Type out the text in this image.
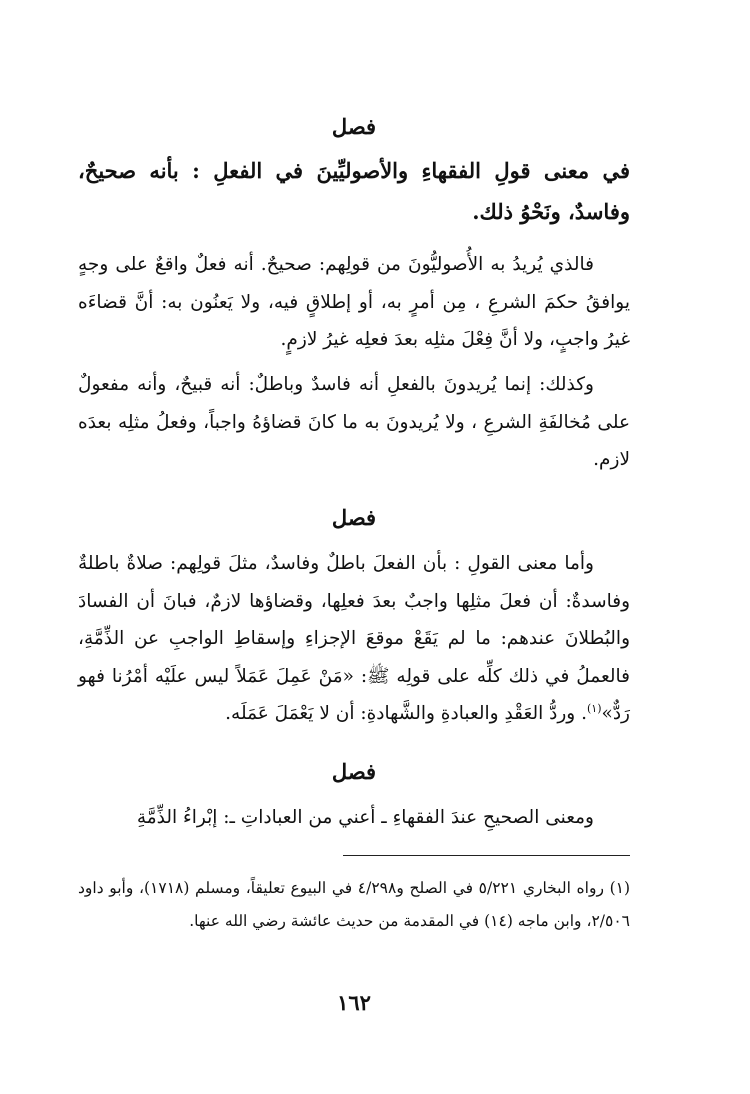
فصل
في معنى قولِ الفقهاءِ والأصوليِّينَ في الفعلِ : بأنه صحيحٌ، وفاسدٌ، ونَحْوُ ذلك.

فالذي يُريدُ به الأُصوليُّونَ من قولِهم: صحيحٌ. أنه فعلٌ واقعٌ على وجهٍ يوافقُ حكمَ الشرعِ ، مِن أمرٍ به، أو إطلاقٍ فيه، ولا يَعنُون به: أنَّ قضاءَه غيرُ واجبٍ، ولا أنَّ فِعْلَ مثلِه بعدَ فعلِه غيرُ لازمٍ.

وكذلك: إنما يُريدونَ بالفعلِ أنه فاسدٌ وباطلٌ: أنه قبيحٌ، وأنه مفعولٌ على مُخالفَةِ الشرعِ ، ولا يُريدونَ به ما كانَ قضاؤهُ واجباً، وفعلُ مثلِه بعدَه لازم.

فصل

وأما معنى القولِ : بأن الفعلَ باطلٌ وفاسدٌ، مثلَ قولِهم: صلاةٌ باطلةٌ وفاسدةٌ: أن فعلَ مثلِها واجبٌ بعدَ فعلِها، وقضاؤها لازمٌ، فبانَ أن الفسادَ والبُطلانَ عندهم: ما لم يَقَعْ موقعَ الإجزاءِ وإسقاطِ الواجبِ عن الذِّمَّةِ، فالعملُ في ذلك كلِّه على قولِه ﷺ: «مَنْ عَمِلَ عَمَلاً ليس علَيْه أمْرُنا فهو رَدٌّ»$^{(١)}$. وردُّ العَقْدِ والعبادةِ والشَّهادةِ: أن لا يَعْمَلَ عَمَلَه.

فصل

ومعنى الصحيحِ عندَ الفقهاءِ ـ أعني من العباداتِ ـ: إبْراءُ الذِّمَّةِ

(١) رواه البخاري ٥/٢٢١ في الصلح و٤/٢٩٨ في البيوع تعليقاً، ومسلم (١٧١٨)، وأبو داود ٢/٥٠٦، وابن ماجه (١٤) في المقدمة من حديث عائشة رضي الله عنها.

١٦٢
